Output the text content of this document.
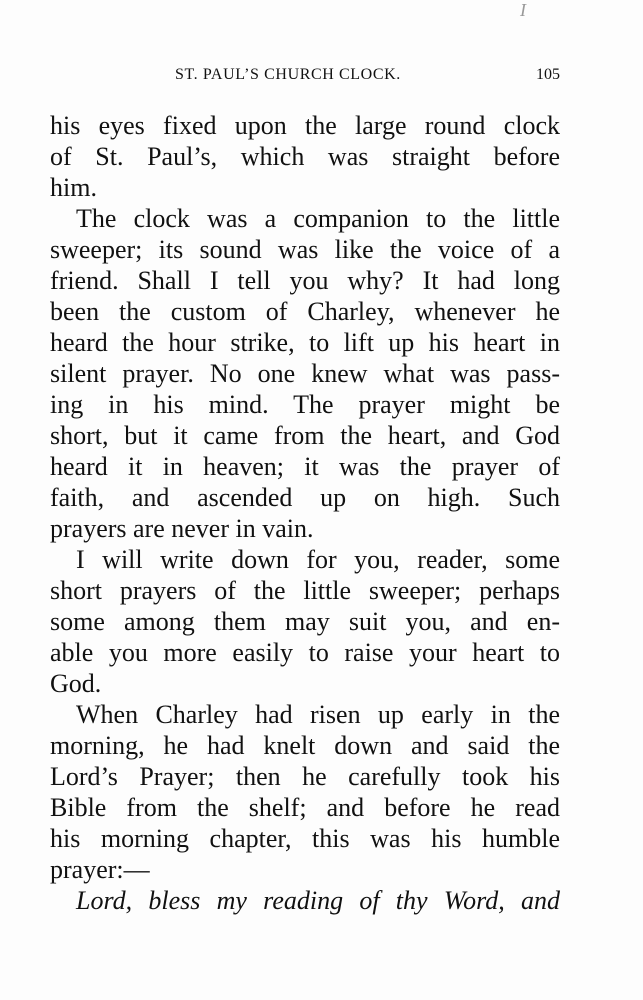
I
ST. PAUL’S CHURCH CLOCK.	105
his eyes fixed upon the large round clock
of St. Paul’s, which was straight before
him.
The clock was a companion to the little
sweeper; its sound was like the voice of a
friend. Shall I tell you why? It had long
been the custom of Charley, whenever he
heard the hour strike, to lift up his heart in
silent prayer. No one knew what was pass-
ing in his mind. The prayer might be
short, but it came from the heart, and God
heard it in heaven; it was the prayer of
faith, and ascended up on high. Such
prayers are never in vain.
I will write down for you, reader, some
short prayers of the little sweeper; perhaps
some among them may suit you, and en-
able you more easily to raise your heart to
God.
When Charley had risen up early in the
morning, he had knelt down and said the
Lord’s Prayer; then he carefully took his
Bible from the shelf; and before he read
his morning chapter, this was his humble
prayer:—
Lord, bless my reading of thy Word, and
